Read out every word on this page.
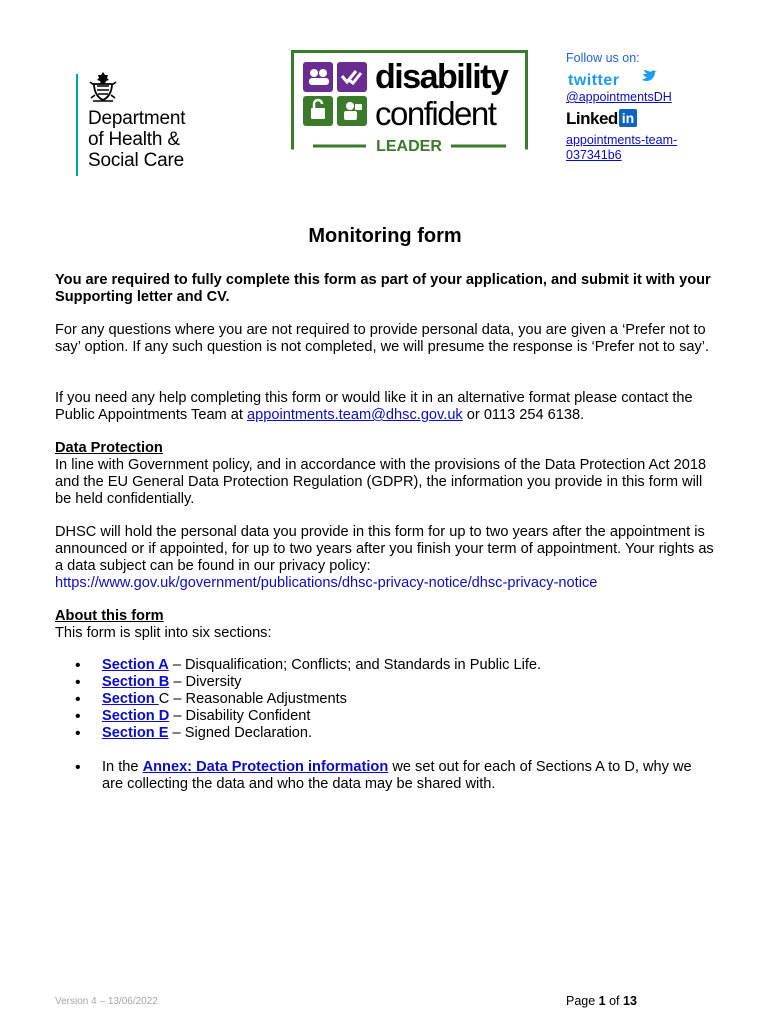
Department
of Health &
Social Care
disability
confident
LEADER
Follow us on:
twitter
@appointmentsDH
Linked in
appointments-team-
037341b6
Monitoring form
You are required to fully complete this form as part of your application, and submit it with your Supporting letter and CV.
For any questions where you are not required to provide personal data, you are given a ‘Prefer not to say’ option. If any such question is not completed, we will presume the response is ‘Prefer not to say’.
If you need any help completing this form or would like it in an alternative format please contact the Public Appointments Team at appointments.team@dhsc.gov.uk or 0113 254 6138.
Data Protection
In line with Government policy, and in accordance with the provisions of the Data Protection Act 2018 and the EU General Data Protection Regulation (GDPR), the information you provide in this form will be held confidentially.
DHSC will hold the personal data you provide in this form for up to two years after the appointment is announced or if appointed, for up to two years after you finish your term of appointment. Your rights as a data subject can be found in our privacy policy:
https://www.gov.uk/government/publications/dhsc-privacy-notice/dhsc-privacy-notice
About this form
This form is split into six sections:
• Section A – Disqualification; Conflicts; and Standards in Public Life.
• Section B – Diversity
• Section C – Reasonable Adjustments
• Section D – Disability Confident
• Section E – Signed Declaration.
• In the Annex: Data Protection information we set out for each of Sections A to D, why we are collecting the data and who the data may be shared with.
Version 4 – 13/06/2022	Page 1 of 13
